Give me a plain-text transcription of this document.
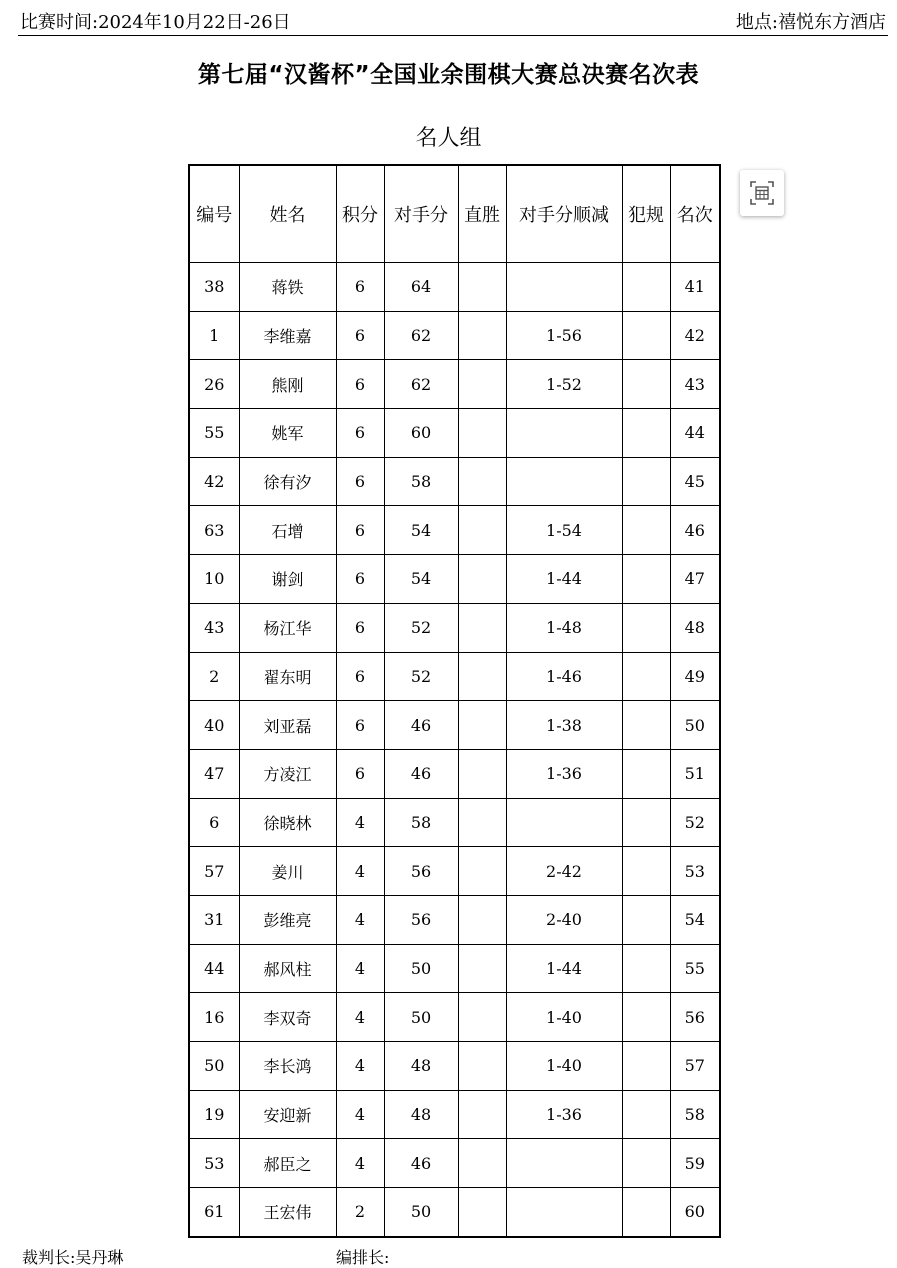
比赛时间:2024年10月22日-26日	地点:禧悦东方酒店
第七届“汉酱杯”全国业余围棋大赛总决赛名次表
名人组
编号	姓名	积分	对手分	直胜	对手分顺减	犯规	名次
38	蒋铁	6	64				41
1	李维嘉	6	62		1-56		42
26	熊刚	6	62		1-52		43
55	姚军	6	60				44
42	徐有汐	6	58				45
63	石增	6	54		1-54		46
10	谢剑	6	54		1-44		47
43	杨江华	6	52		1-48		48
2	翟东明	6	52		1-46		49
40	刘亚磊	6	46		1-38		50
47	方凌江	6	46		1-36		51
6	徐晓林	4	58				52
57	姜川	4	56		2-42		53
31	彭维亮	4	56		2-40		54
44	郝风柱	4	50		1-44		55
16	李双奇	4	50		1-40		56
50	李长鸿	4	48		1-40		57
19	安迎新	4	48		1-36		58
53	郝臣之	4	46				59
61	王宏伟	2	50				60
裁判长:吴丹琳	编排长:
